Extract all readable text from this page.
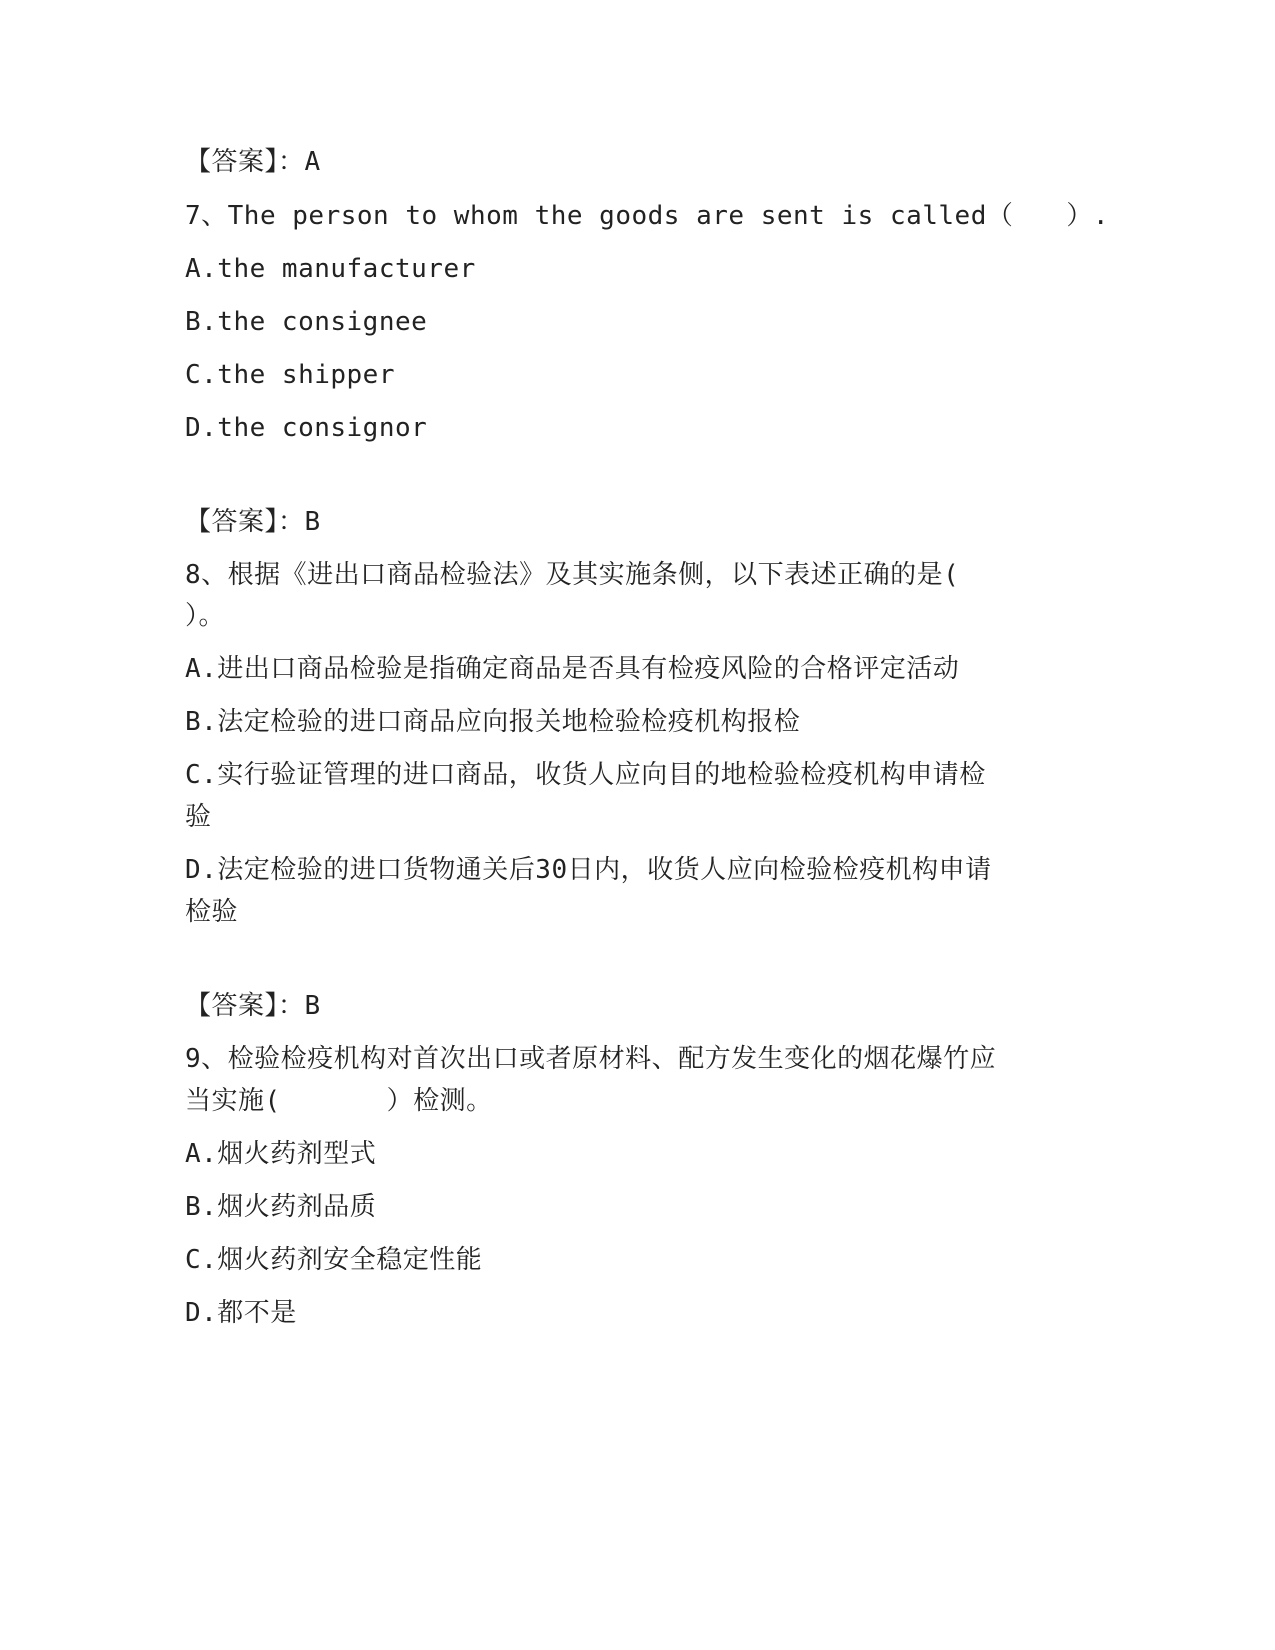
【答案】：A
7、The person to whom the goods are sent is called（　　）.
A.the manufacturer
B.the consignee
C.the shipper
D.the consignor
【答案】：B
8、根据《进出口商品检验法》及其实施条侧，以下表述正确的是(
）。
A.进出口商品检验是指确定商品是否具有检疫风险的合格评定活动
B.法定检验的进口商品应向报关地检验检疫机构报检
C.实行验证管理的进口商品，收货人应向目的地检验检疫机构申请检
验
D.法定检验的进口货物通关后30日内，收货人应向检验检疫机构申请
检验
【答案】：B
9、检验检疫机构对首次出口或者原材料、配方发生变化的烟花爆竹应
当实施(　　　　）检测。
A.烟火药剂型式
B.烟火药剂品质
C.烟火药剂安全稳定性能
D.都不是
